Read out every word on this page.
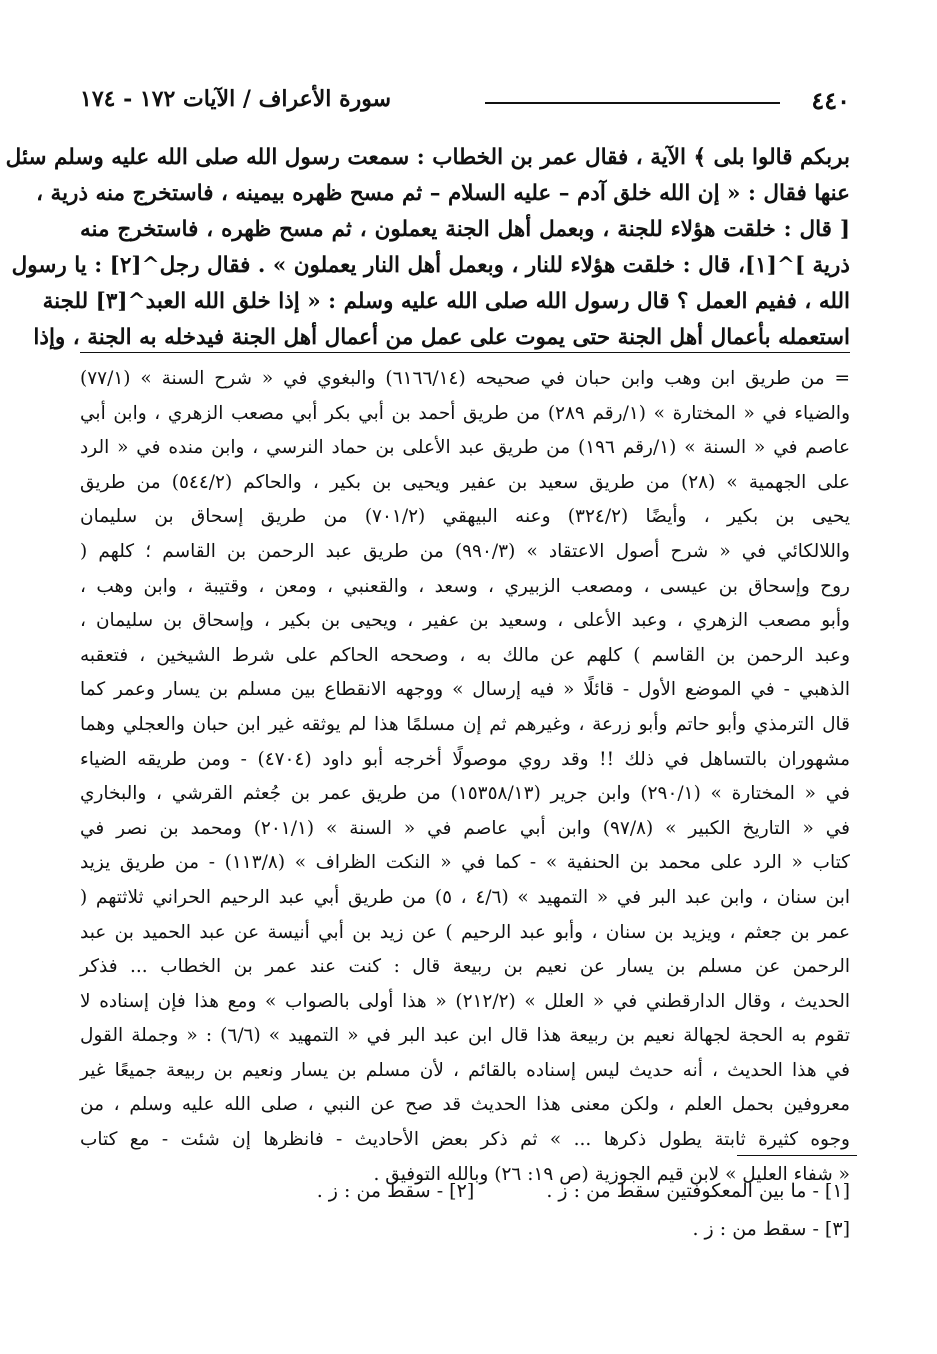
٤٤٠
سورة الأعراف / الآيات ١٧٢ - ١٧٤
بربكم قالوا بلى ﴾ الآية ، فقال عمر بن الخطاب : سمعت رسول الله صلى الله عليه وسلم سئل
عنها فقال : « إن الله خلق آدم – عليه السلام – ثم مسح ظهره بيمينه ، فاستخرج منه ذرية ،
[ قال : خلقت هؤلاء للجنة ، وبعمل أهل الجنة يعملون ، ثم مسح ظهره ، فاستخرج منه
ذرية ]^[١]، قال : خلقت هؤلاء للنار ، وبعمل أهل النار يعملون » . فقال رجل^[٢] : يا رسول
الله ، ففيم العمل ؟ قال رسول الله صلى الله عليه وسلم : « إذا خلق الله العبد^[٣] للجنة
استعمله بأعمال أهل الجنة حتى يموت على عمل من أعمال أهل الجنة فيدخله به الجنة ، وإذا
= من طريق ابن وهب وابن حبان في صحيحه (٦١٦٦/١٤) والبغوي في « شرح السنة » (٧٧/١)
والضياء في « المختارة » (١/رقم ٢٨٩) من طريق أحمد بن أبي بكر أبي مصعب الزهري ، وابن أبي
عاصم في « السنة » (١/رقم ١٩٦) من طريق عبد الأعلى بن حماد النرسي ، وابن منده في « الرد
على الجهمية » (٢٨) من طريق سعيد بن عفير ويحيى بن بكير ، والحاكم (٥٤٤/٢) من طريق
يحيى بن بكير ، وأيضًا (٣٢٤/٢) وعنه البيهقي (٧٠١/٢) من طريق إسحاق بن سليمان
واللالكائي في « شرح أصول الاعتقاد » (٩٩٠/٣) من طريق عبد الرحمن بن القاسم ؛ كلهم (
روح وإسحاق بن عيسى ، ومصعب الزبيري ، وسعد ، والقعنبي ، ومعن ، وقتيبة ، وابن وهب ،
وأبو مصعب الزهري ، وعبد الأعلى ، وسعيد بن عفير ، ويحيى بن بكير ، وإسحاق بن سليمان ،
وعبد الرحمن بن القاسم ) كلهم عن مالك به ، وصححه الحاكم على شرط الشيخين ، فتعقبه
الذهبي - في الموضع الأول - قائلًا « فيه إرسال » ووجهه الانقطاع بين مسلم بن يسار وعمر كما
قال الترمذي وأبو حاتم وأبو زرعة ، وغيرهم ثم إن مسلمًا هذا لم يوثقه غير ابن حبان والعجلي وهما
مشهوران بالتساهل في ذلك !! وقد روي موصولًا أخرجه أبو داود (٤٧٠٤) - ومن طريقه الضياء
في « المختارة » (٢٩٠/١) وابن جرير (١٥٣٥٨/١٣) من طريق عمر بن جُعثم القرشي ، والبخاري
في « التاريخ الكبير » (٩٧/٨) وابن أبي عاصم في « السنة » (٢٠١/١) ومحمد بن نصر في
كتاب « الرد على محمد بن الحنفية » - كما في « النكت الظراف » (١١٣/٨) - من طريق يزيد
ابن سنان ، وابن عبد البر في « التمهيد » (٤/٦ ، ٥) من طريق أبي عبد الرحيم الحراني ثلاثتهم (
عمر بن جعثم ، ويزيد بن سنان ، وأبو عبد الرحيم ) عن زيد بن أبي أنيسة عن عبد الحميد بن عبد
الرحمن عن مسلم بن يسار عن نعيم بن ربيعة قال : كنت عند عمر بن الخطاب ... فذكر
الحديث ، وقال الدارقطني في « العلل » (٢١٢/٢) « هذا أولى بالصواب » ومع هذا فإن إسناده لا
تقوم به الحجة لجهالة نعيم بن ربيعة هذا قال ابن عبد البر في « التمهيد » (٦/٦) : « وجملة القول
في هذا الحديث ، أنه حديث ليس إسناده بالقائم ، لأن مسلم بن يسار ونعيم بن ربيعة جميعًا غير
معروفين بحمل العلم ، ولكن معنى هذا الحديث قد صح عن النبي ، صلى الله عليه وسلم ، من
وجوه كثيرة ثابتة يطول ذكرها ... » ثم ذكر بعض الأحاديث - فانظرها إن شئت - مع كتاب
« شفاء العليل » لابن قيم الجوزية (ص ١٩: ٢٦) وبالله التوفيق .
[١] - ما بين المعكوفتين سقط من : ز .  [٢] - سقط من : ز .
[٣] - سقط من : ز .
